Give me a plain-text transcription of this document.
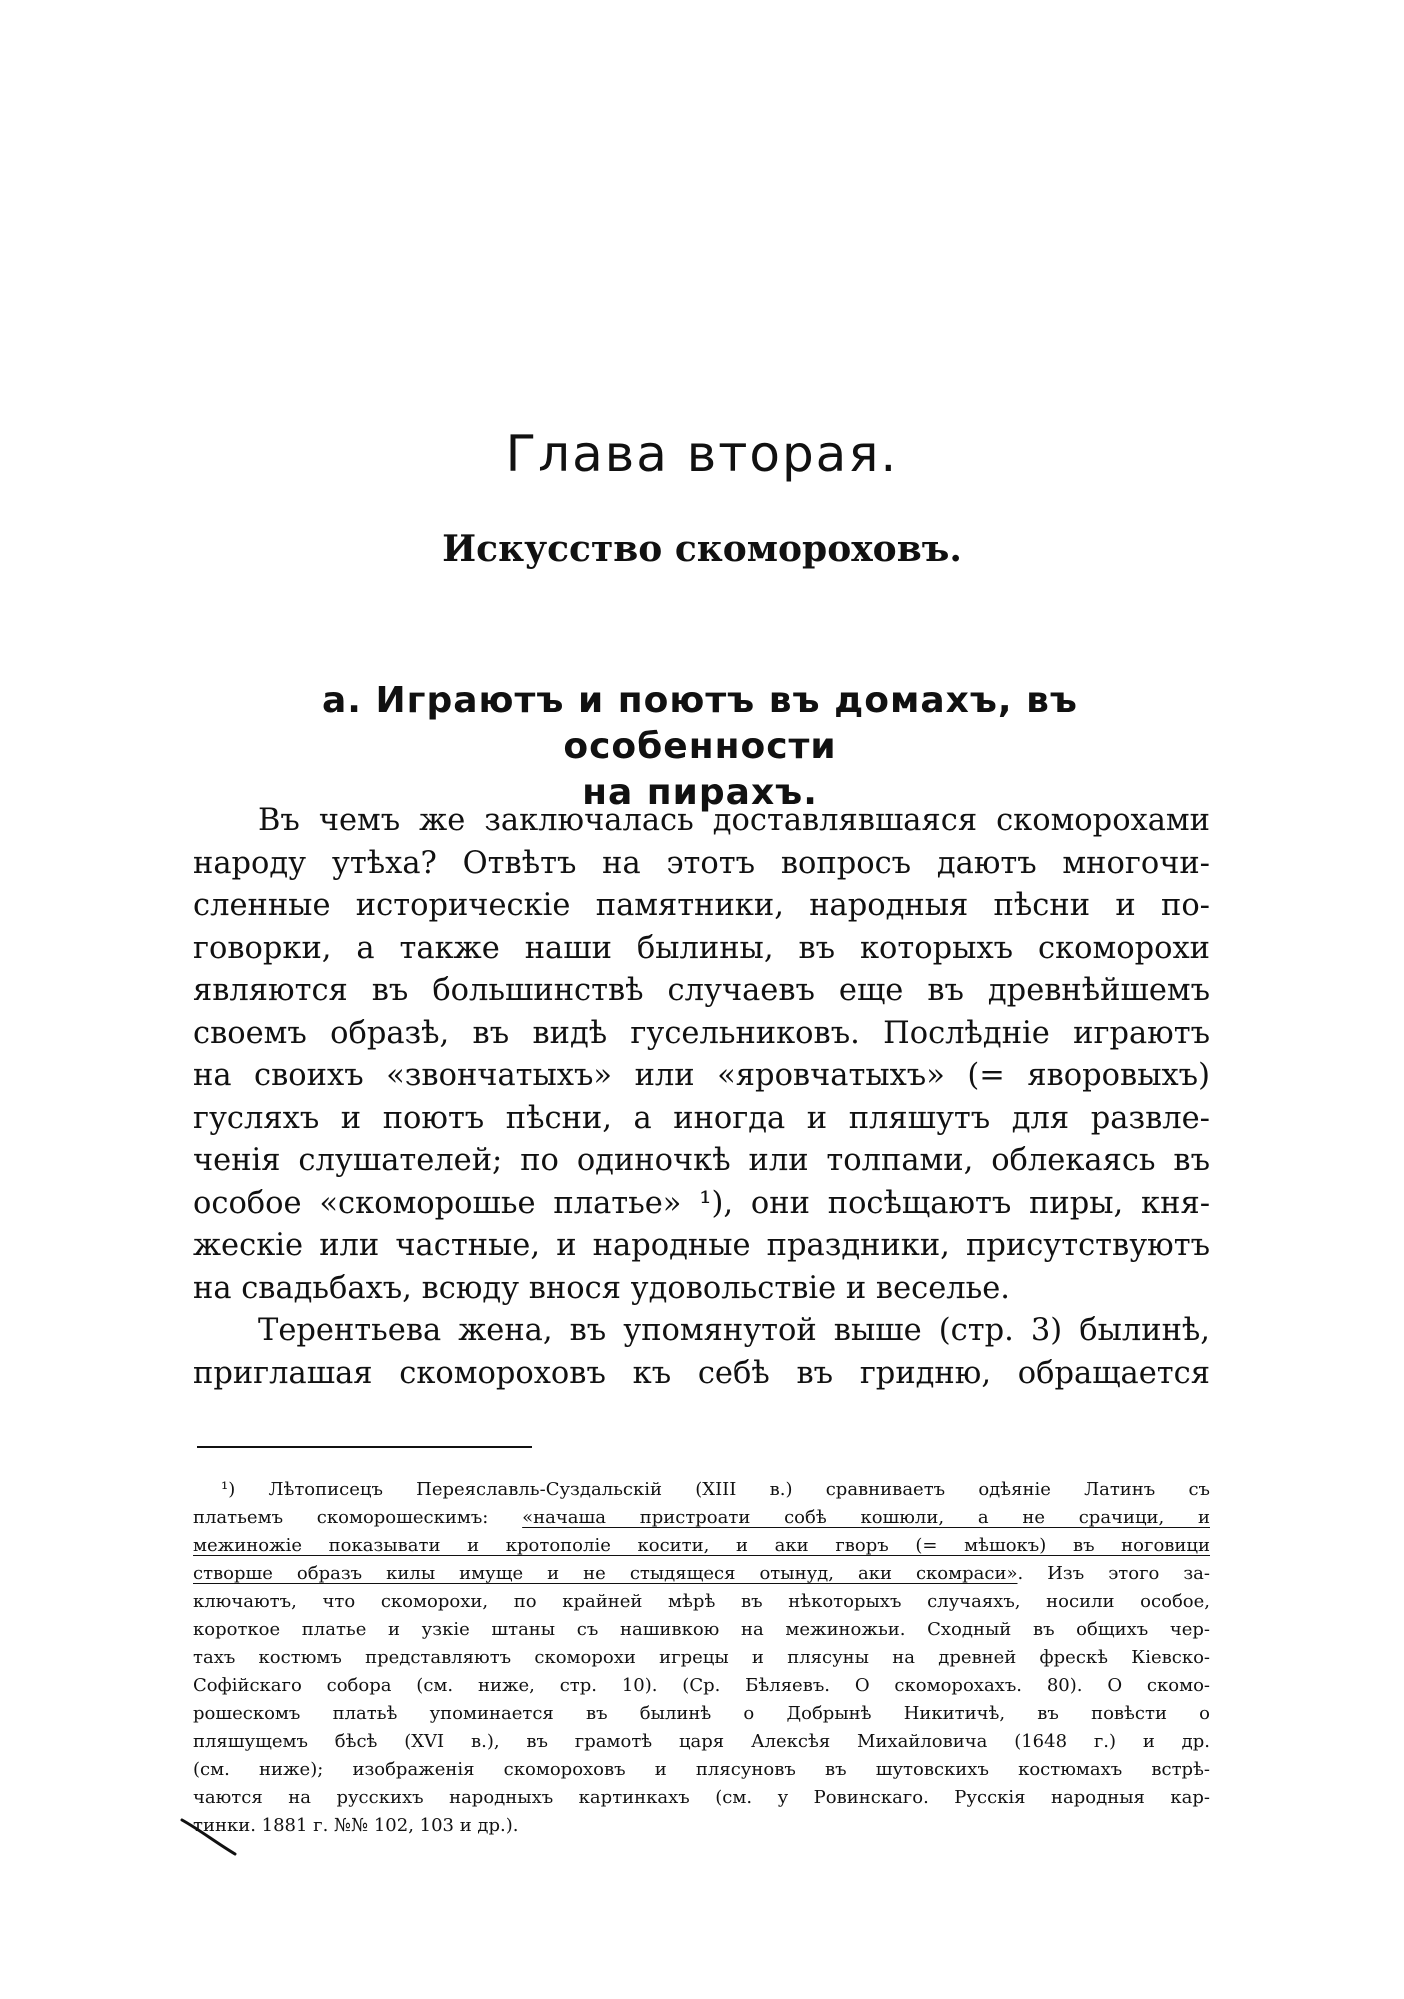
Глава вторая.
Искусство скомороховъ.
а. Играютъ и поютъ въ домахъ, въ особенности
на пирахъ.
Въ чемъ же заключалась доставлявшаяся скоморохами
народу утѣха? Отвѣтъ на этотъ вопросъ даютъ многочи-
сленные историческіе памятники, народныя пѣсни и по-
говорки, а также наши былины, въ которыхъ скоморохи
являются въ большинствѣ случаевъ еще въ древнѣйшемъ
своемъ образѣ, въ видѣ гусельниковъ. Послѣдніе играютъ
на своихъ «звончатыхъ» или «яровчатыхъ» (= яворовыхъ)
гусляхъ и поютъ пѣсни, а иногда и пляшутъ для развле-
ченія слушателей; по одиночкѣ или толпами, облекаясь въ
особое «скоморошье платье» ¹), они посѣщаютъ пиры, кня-
жескіе или частные, и народные праздники, присутствуютъ
на свадьбахъ, всюду внося удовольствіе и веселье.
Терентьева жена, въ упомянутой выше (стр. 3) былинѣ,
приглашая скомороховъ къ себѣ въ гридню, обращается
¹) Лѣтописецъ Переяславль-Суздальскій (XIII в.) сравниваетъ одѣяніе Латинъ съ
платьемъ скоморошескимъ: «начаша пристроати собѣ кошюли, а не срачици, и
межиножіе показывати и кротополіе косити, и аки гворъ (= мѣшокъ) въ ноговици
створше образъ килы имуще и не стыдящеся отынуд, аки скомраси». Изъ этого за-
ключаютъ, что скоморохи, по крайней мѣрѣ въ нѣкоторыхъ случаяхъ, носили особое,
короткое платье и узкіе штаны съ нашивкою на межиножьи. Сходный въ общихъ чер-
тахъ костюмъ представляютъ скоморохи игрецы и плясуны на древней фрескѣ Кіевско-
Софійскаго собора (см. ниже, стр. 10). (Ср. Бѣляевъ. О скоморохахъ. 80). О скомо-
рошескомъ платьѣ упоминается въ былинѣ о Добрынѣ Никитичѣ, въ повѣсти о
пляшущемъ бѣсѣ (XVI в.), въ грамотѣ царя Алексѣя Михайловича (1648 г.) и др.
(см. ниже); изображенія скомороховъ и плясуновъ въ шутовскихъ костюмахъ встрѣ-
чаются на русскихъ народныхъ картинкахъ (см. у Ровинскаго. Русскія народныя кар-
тинки. 1881 г. №№ 102, 103 и др.).
